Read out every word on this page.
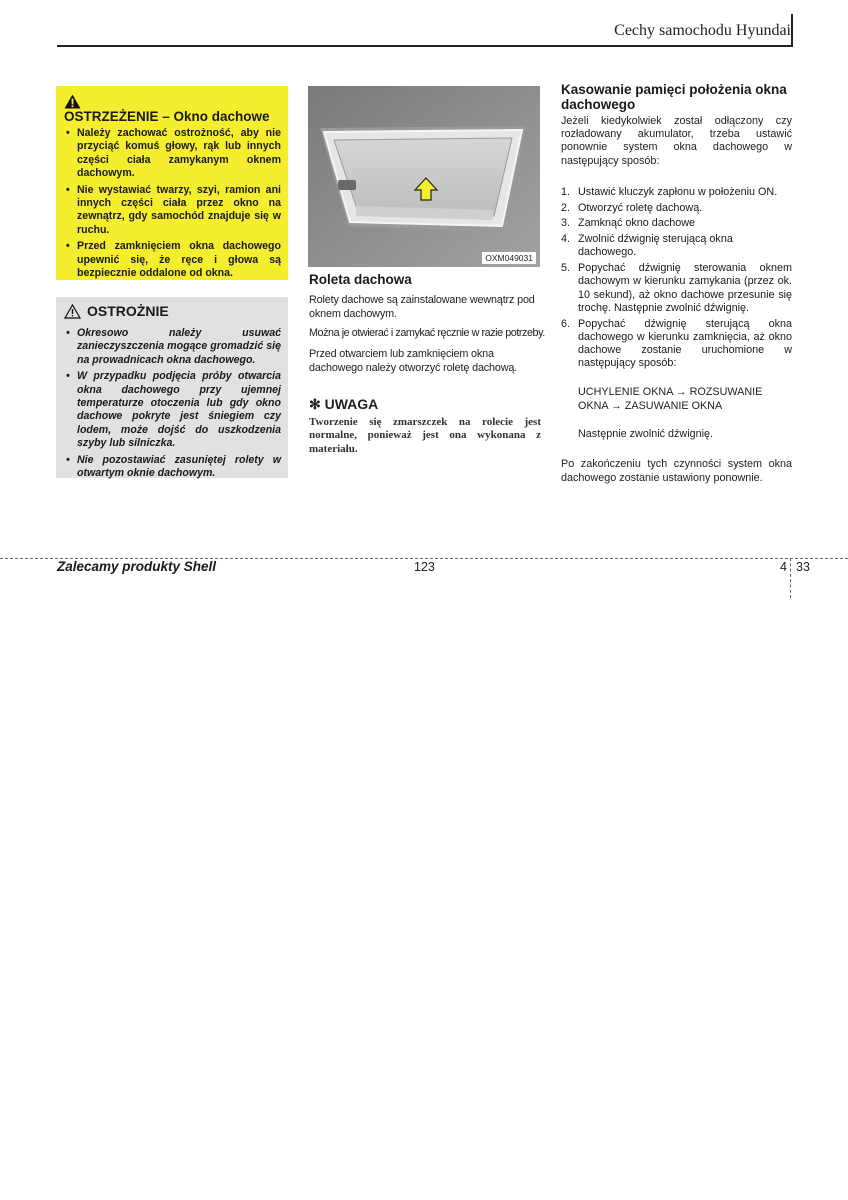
Cechy samochodu Hyundai
OSTRZEŻENIE – Okno dachowe
• Należy zachować ostrożność, aby nie przyciąć komuś głowy, rąk lub innych części ciała zamykanym oknem dachowym.
• Nie wystawiać twarzy, szyi, ramion ani innych części ciała przez okno na zewnątrz, gdy samochód znajduje się w ruchu.
• Przed zamknięciem okna dachowego upewnić się, że ręce i głowa są bezpiecznie oddalone od okna.
OSTROŻNIE
• Okresowo należy usuwać zanieczyszczenia mogące gromadzić się na prowadnicach okna dachowego.
• W przypadku podjęcia próby otwarcia okna dachowego przy ujemnej temperaturze otoczenia lub gdy okno dachowe pokryte jest śniegiem czy lodem, może dojść do uszkodzenia szyby lub silniczka.
• Nie pozostawiać zasuniętej rolety w otwartym oknie dachowym.
OXM049031
Roleta dachowa

Rolety dachowe są zainstalowane wewnątrz pod oknem dachowym.

Można je otwierać i zamykać ręcznie w razie potrzeby.

Przed otwarciem lub zamknięciem okna dachowego należy otworzyć roletę dachową.

✻ UWAGA

Tworzenie się zmarszczek na rolecie jest normalne, ponieważ jest ona wykonana z materiału.

Kasowanie pamięci położenia okna dachowego

Jeżeli kiedykolwiek został odłączony czy rozładowany akumulator, trzeba ustawić ponownie system okna dachowego w następujący sposób:

1. Ustawić kluczyk zapłonu w położeniu ON.
2. Otworzyć roletę dachową.
3. Zamknąć okno dachowe
4. Zwolnić dźwignię sterującą okna dachowego.
5. Popychać dźwignię sterowania oknem dachowym w kierunku zamykania (przez ok. 10 sekund), aż okno dachowe przesunie się trochę. Następnie zwolnić dźwignię.
6. Popychać dźwignię sterującą okna dachowego w kierunku zamknięcia, aż okno dachowe zostanie uruchomione w następujący sposób:

UCHYLENIE OKNA → ROZSUWANIE OKNA → ZASUWANIE OKNA

Następnie zwolnić dźwignię.

Po zakończeniu tych czynności system okna dachowego zostanie ustawiony ponownie.

Zalecamy produkty Shell	123	4 33
